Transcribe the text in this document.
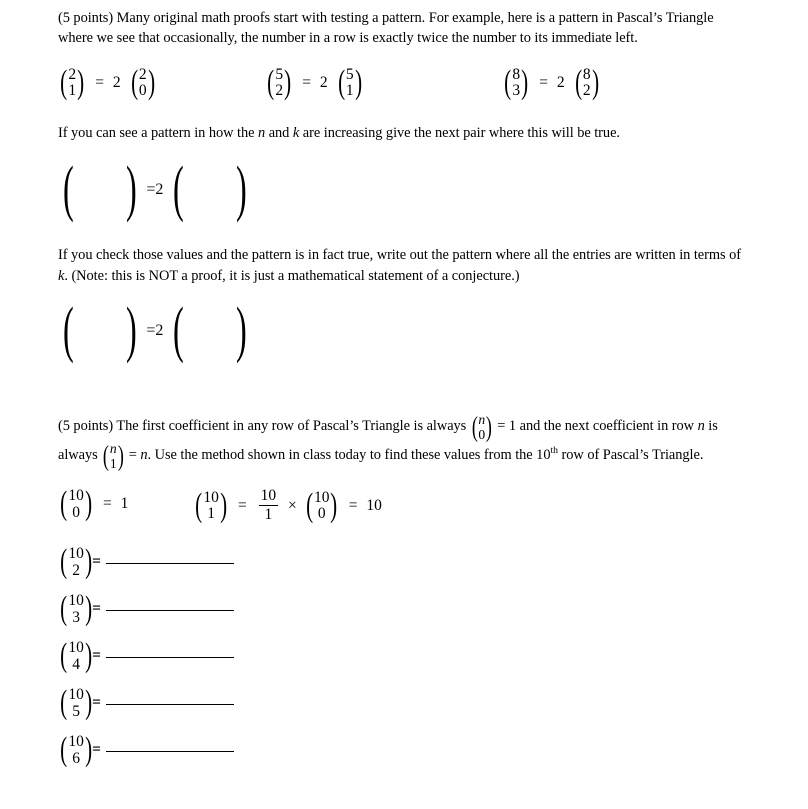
(5 points) Many original math proofs start with testing a pattern. For example, here is a pattern in Pascal’s Triangle where we see that occasionally, the number in a row is exactly twice the number to its immediate left.

( 2
1 ) = 2 ( 2
0 )	( 5
2 ) = 2 ( 5
1 )	( 8
3 ) = 2 ( 8
2 )

If you can see a pattern in how the n and k are increasing give the next pair where this will be true.

( ) =2 ( )

If you check those values and the pattern is in fact true, write out the pattern where all the entries are written in terms of k. (Note: this is NOT a proof, it is just a mathematical statement of a conjecture.)

( ) =2 ( )

(5 points) The first coefficient in any row of Pascal’s Triangle is always ( n
0 ) = 1 and the next coefficient in row n is always ( n
1 ) = n. Use the method shown in class today to find these values from the 10th row of Pascal’s Triangle.

( 10
0 ) = 1 ( 10
1 ) = $\frac{10}{1}$ × ( 10
0 ) = 10
( 10
2 )=
( 10
3 )=
( 10
4 )=
( 10
5 )=
( 10
6 )=
